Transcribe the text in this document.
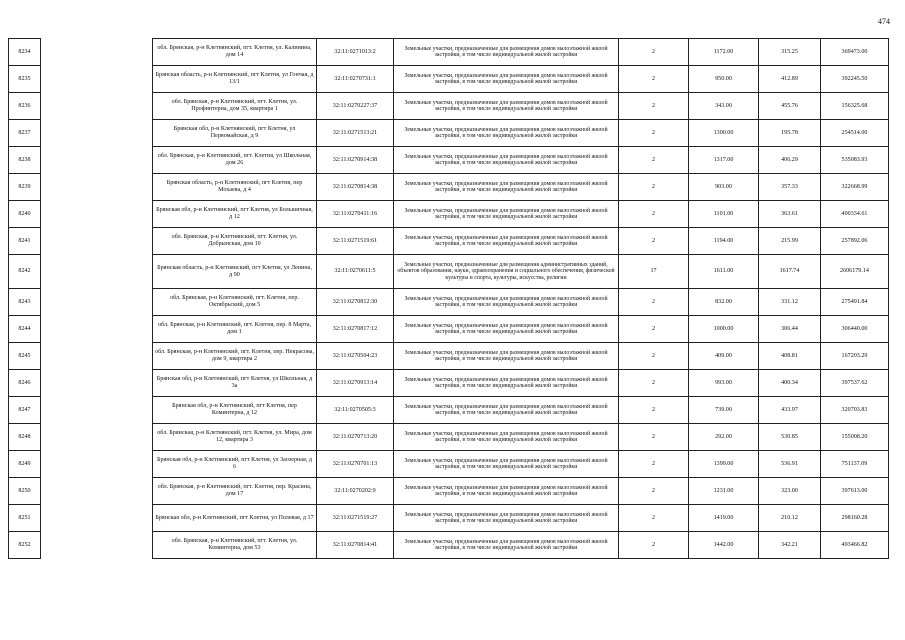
474
8234		обл. Брянская, р-н Клетнянский, пгт. Клетня, ул. Калинина, дом 14	32:11:0271013:2	Земельные участки, предназначенные для размещения домов малоэтажной жилой застройки, в том числе индивидуальной жилой застройки	2	1172.00	315.25	369473.00
8235		Брянская область, р-н Клетнянский, пгт Клетня, ул Гончая, д 13/1	32:11:0270731:1	Земельные участки, предназначенные для размещения домов малоэтажной жилой застройки, в том числе индивидуальной жилой застройки	2	950.00	412.89	392245.50
8236		обл. Брянская, р-н Клетнянский, пгт. Клетня, ул. Профинтерна, дом 35, квартира 1	32:11:0270227:37	Земельные участки, предназначенные для размещения домов малоэтажной жилой застройки, в том числе индивидуальной жилой застройки	2	343.00	455.76	156325.68
8237		Брянская обл, р-н Клетнянский, пгт Клетня, ул Первомайская, д 9	32:11:0271513:21	Земельные участки, предназначенные для размещения домов малоэтажной жилой застройки, в том числе индивидуальной жилой застройки	2	1300.00	195.78	254514.00
8238		обл. Брянская, р-н Клетнянский, пгт. Клетня, ул Школьная, дом 26	32:11:0270914:38	Земельные участки, предназначенные для размещения домов малоэтажной жилой застройки, в том числе индивидуальной жилой застройки	2	1317.00	406.29	535083.93
8239		Брянская область, р-н Клетнянский, пгт Клетня, пер Мохаева, д 4	32:11:0270814:38	Земельные участки, предназначенные для размещения домов малоэтажной жилой застройки, в том числе индивидуальной жилой застройки	2	903.00	357.33	322668.99
8240		Брянская обл, р-н Клетнянский, пгт Клетня, ул Большичная, д 12	32:11:0270411:16	Земельные участки, предназначенные для размещения домов малоэтажной жилой застройки, в том числе индивидуальной жилой застройки	2	1101.00	363.61	400334.61
8241		обл. Брянская, р-н Клетнянский, пгт. Клетня, ул. Добрынская, дом 10	32:11:0271519:61	Земельные участки, предназначенные для размещения домов малоэтажной жилой застройки, в том числе индивидуальной жилой застройки	2	1194.00	215.99	257892.06
8242		Брянская область, р-н Клетнянский, пгт Клетня, ул Ленина, д 90	32:11:0270611:5	Земельные участки, предназначенные для размещения административных зданий, объектов образования, науки, здравоохранения и социального обеспечения, физической культуры и спорта, культуры, искусства, религии	17	1611.00	1617.74	2606179.14
8243		обл. Брянская, р-н Клетнянский, пгт. Клетня, пер. Октябрьский, дом 5	32:11:0270812:30	Земельные участки, предназначенные для размещения домов малоэтажной жилой застройки, в том числе индивидуальной жилой застройки	2	832.00	331.12	275491.84
8244		обл. Брянская, р-н Клетнянский, пгт. Клетня, пер. 8 Марта, дом 1	32:11:0270817:12	Земельные участки, предназначенные для размещения домов малоэтажной жилой застройки, в том числе индивидуальной жилой застройки	2	1000.00	306.44	306440.00
8245		обл. Брянская, р-н Клетнянский, пгт. Клетня, пер. Некрасова, дом 9, квартира 2	32:11:0270504:23	Земельные участки, предназначенные для размещения домов малоэтажной жилой застройки, в том числе индивидуальной жилой застройки	2	409.00	408.81	167203.29
8246		Брянская обл, р-н Клетнянский, пгт Клетня, ул Школьная, д 3а	32:11:0270913:14	Земельные участки, предназначенные для размещения домов малоэтажной жилой застройки, в том числе индивидуальной жилой застройки	2	993.00	400.34	397537.62
8247		Брянская обл, р-н Клетнянский, пгт Клетня, пер Коминтерна, д 12	32:11:0270505:3	Земельные участки, предназначенные для размещения домов малоэтажной жилой застройки, в том числе индивидуальной жилой застройки	2	739.00	433.97	320703.83
8248		обл. Брянская, р-н Клетнянский, пгт. Клетня, ул. Мира, дом 12, квартира 3	32:11:0270713:20	Земельные участки, предназначенные для размещения домов малоэтажной жилой застройки, в том числе индивидуальной жилой застройки	2	292.00	530.85	155008.20
8249		Брянская обл, р-н Клетнянский, пгт Клетня, ул Заозерная, д 6	32:11:0270701:13	Земельные участки, предназначенные для размещения домов малоэтажной жилой застройки, в том числе индивидуальной жилой застройки	2	1399.00	536.91	751137.09
8250		обл. Брянская, р-н Клетнянский, пгт. Клетня, пер. Красина, дом 17	32:11:0270202:9	Земельные участки, предназначенные для размещения домов малоэтажной жилой застройки, в том числе индивидуальной жилой застройки	2	1231.00	323.00	397613.00
8251		Брянская обл, р-н Клетнянский, пгт Клетня, ул Полевая, д 17	32:11:0271519:27	Земельные участки, предназначенные для размещения домов малоэтажной жилой застройки, в том числе индивидуальной жилой застройки	2	1419.00	210.12	298160.28
8252		обл. Брянская, р-н Клетнянский, пгт. Клетня, ул. Коминтерна, дом 53	32:11:0270814:41	Земельные участки, предназначенные для размещения домов малоэтажной жилой застройки, в том числе индивидуальной жилой застройки	2	1442.00	342.21	493466.82
